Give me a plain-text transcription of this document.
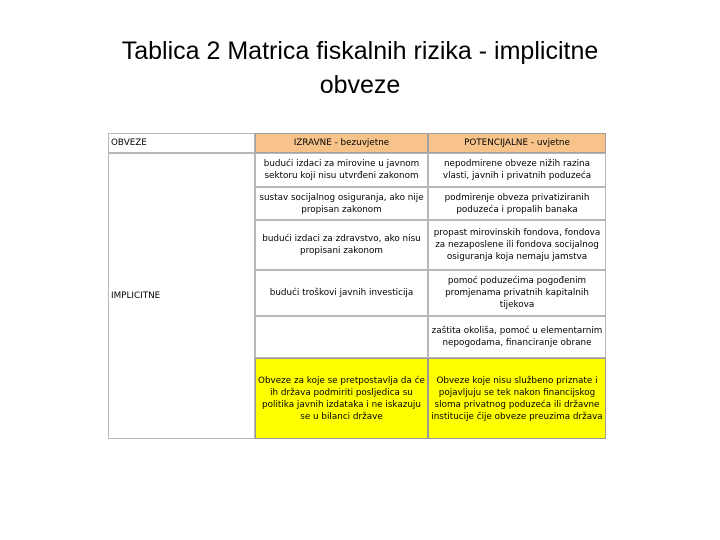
Tablica 2 Matrica fiskalnih rizika - implicitne
obveze
OBVEZE	IZRAVNE - bezuvjetne	POTENCIJALNE - uvjetne
IMPLICITNE
budući izdaci za mirovine u javnom sektoru koji nisu utvrđeni zakonom
nepodmirene obveze nižih razina vlasti, javnih i privatnih poduzeća
sustav socijalnog osiguranja, ako nije propisan zakonom
podmirenje obveza privatiziranih poduzeća i propalih banaka
budući izdaci za zdravstvo, ako nisu propisani zakonom
propast mirovinskih fondova, fondova za nezaposlene ili fondova socijalnog osiguranja koja nemaju jamstva
budući troškovi javnih investicija
pomoć poduzećima pogođenim promjenama privatnih kapitalnih tijekova
zaštita okoliša, pomoć u elementarnim nepogodama, financiranje obrane
Obveze za koje se pretpostavlja da će ih država podmiriti posljedica su politika javnih izdataka i ne iskazuju se u bilanci države
Obveze koje nisu službeno priznate i pojavljuju se tek nakon financijskog sloma privatnog poduzeća ili državne institucije čije obveze preuzima država
